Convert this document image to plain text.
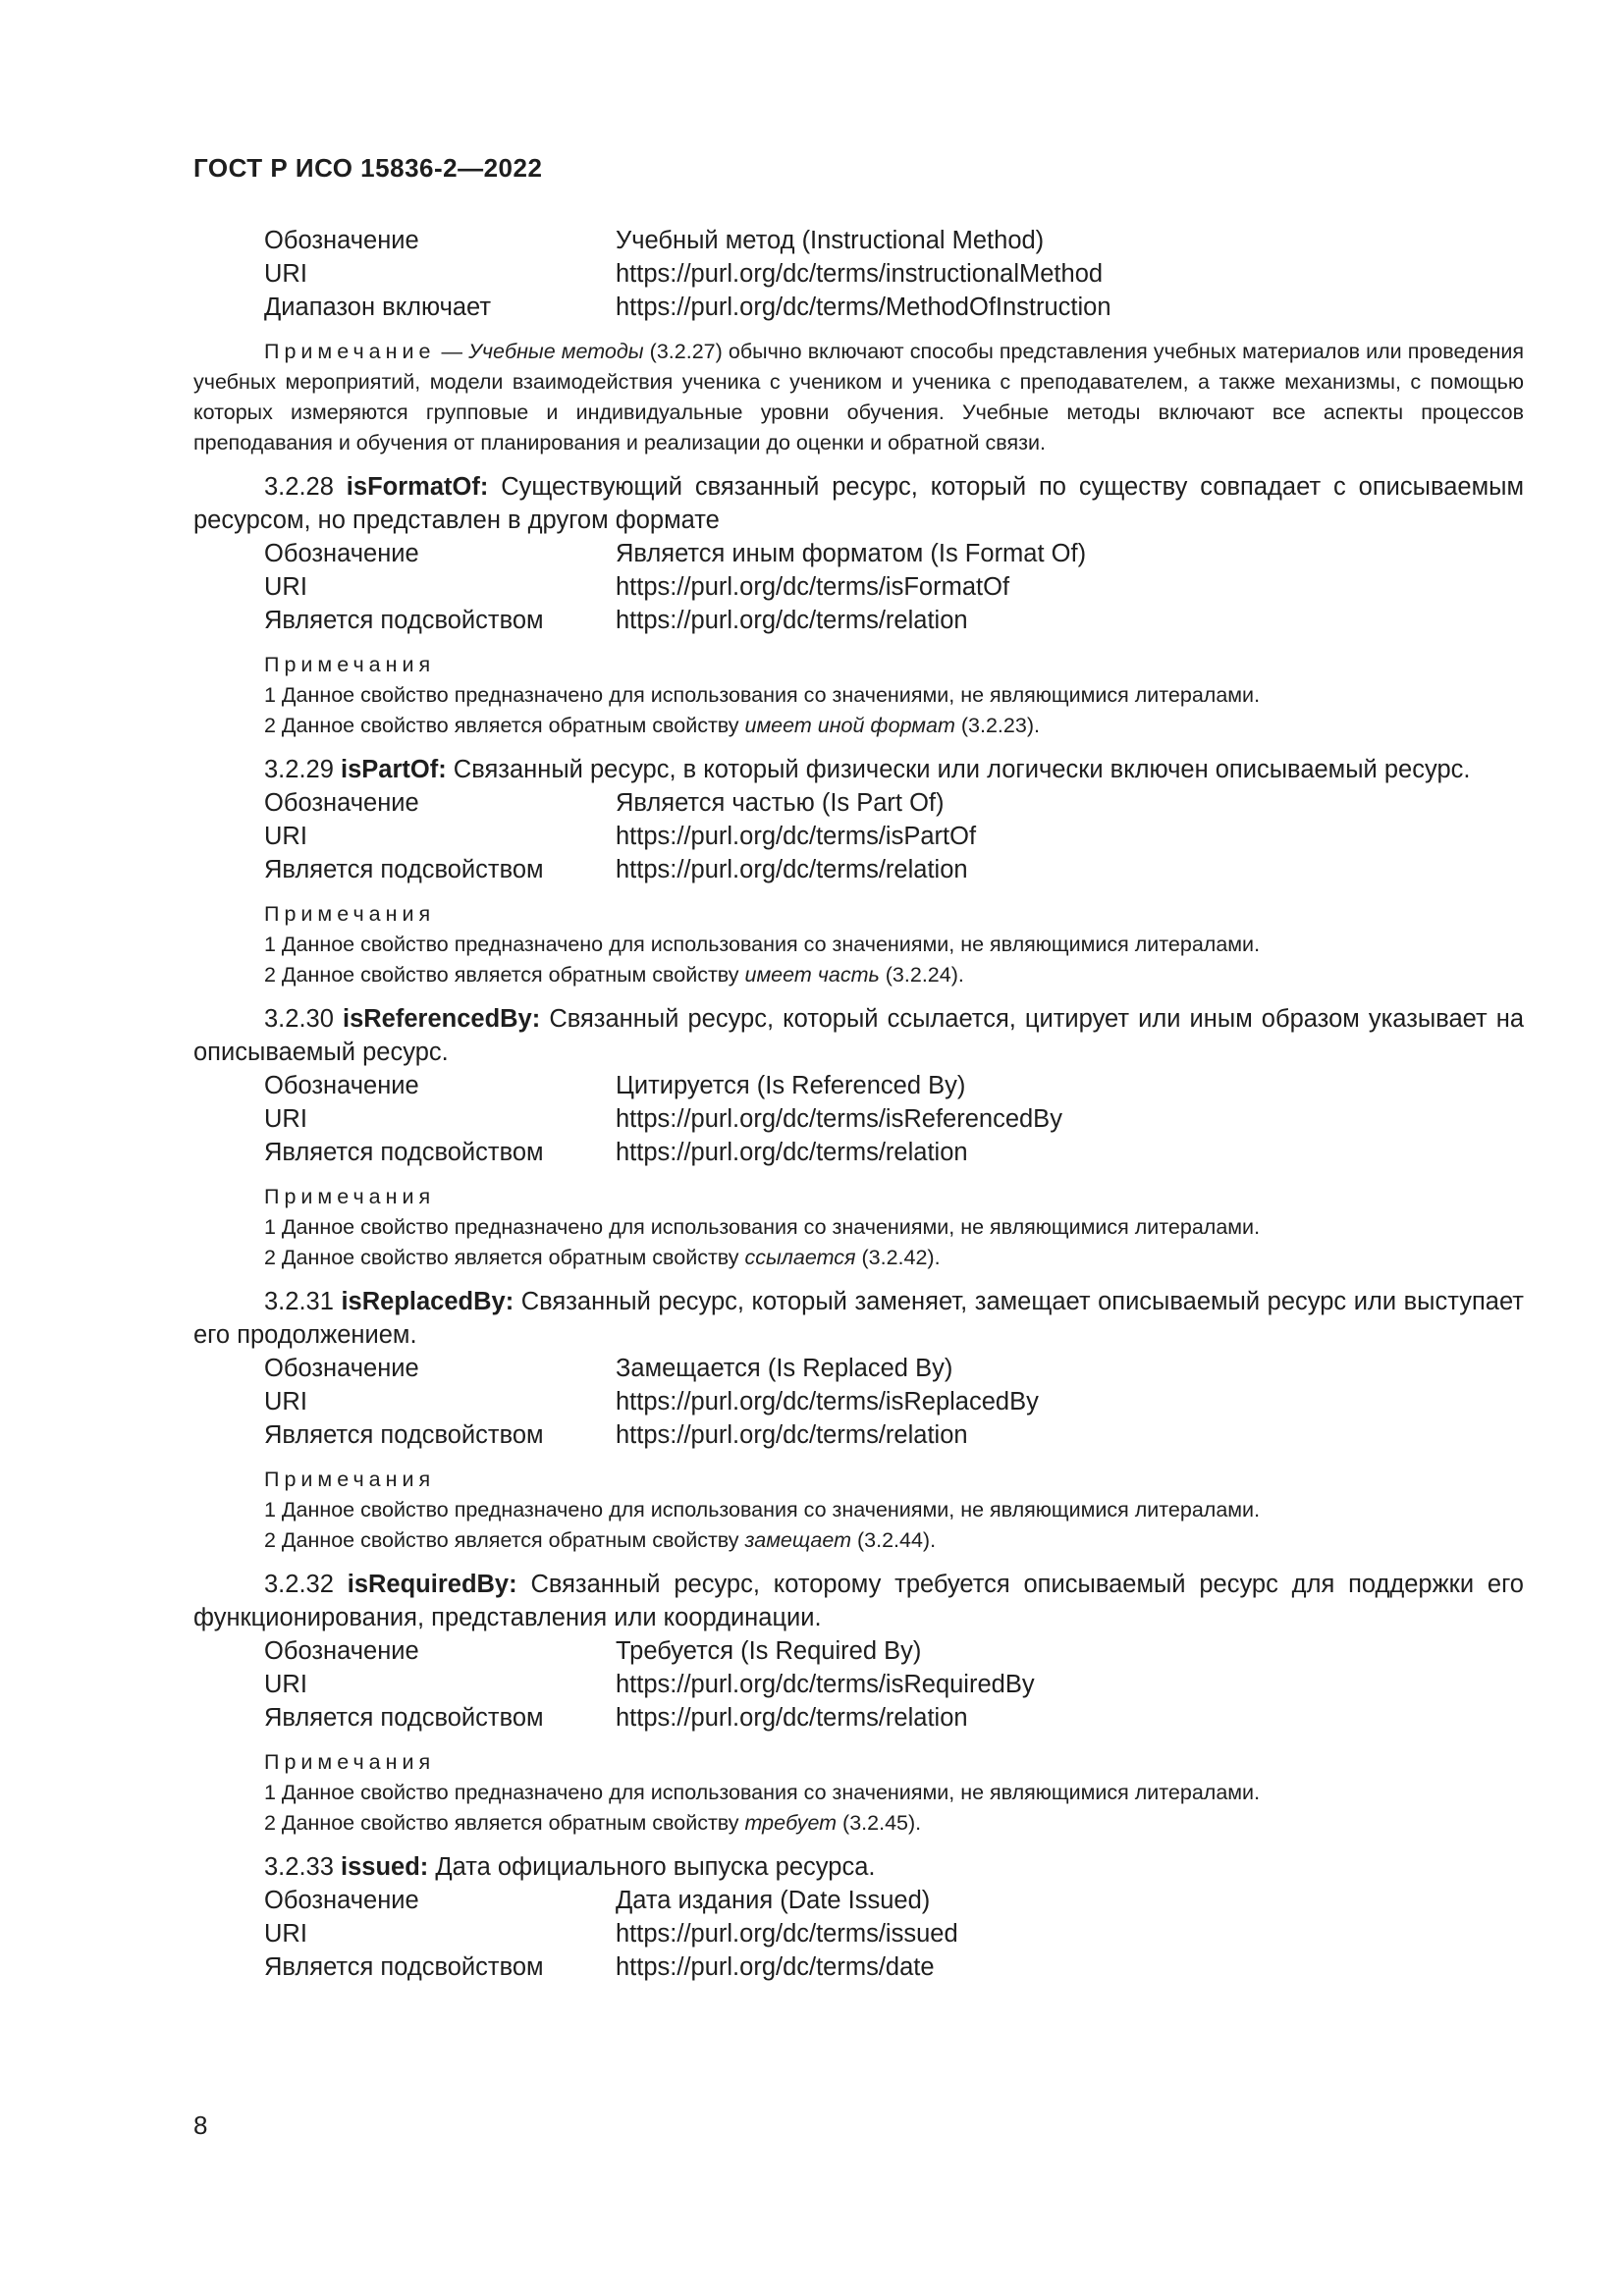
ГОСТ Р ИСО 15836-2—2022
Обозначение	Учебный метод (Instructional Method)
URI	https://purl.org/dc/terms/instructionalMethod
Диапазон включает	https://purl.org/dc/terms/MethodOfInstruction
Примечание — Учебные методы (3.2.27) обычно включают способы представления учебных материалов или проведения учебных мероприятий, модели взаимодействия ученика с учеником и ученика с преподавателем, а также механизмы, с помощью которых измеряются групповые и индивидуальные уровни обучения. Учебные методы включают все аспекты процессов преподавания и обучения от планирования и реализации до оценки и обратной связи.
3.2.28 isFormatOf: Существующий связанный ресурс, который по существу совпадает с описываемым ресурсом, но представлен в другом формате
Обозначение	Является иным форматом (Is Format Of)
URI	https://purl.org/dc/terms/isFormatOf
Является подсвойством	https://purl.org/dc/terms/relation
Примечания
1 Данное свойство предназначено для использования со значениями, не являющимися литералами.
2 Данное свойство является обратным свойству имеет иной формат (3.2.23).
3.2.29 isPartOf: Связанный ресурс, в который физически или логически включен описываемый ресурс.
Обозначение	Является частью (Is Part Of)
URI	https://purl.org/dc/terms/isPartOf
Является подсвойством	https://purl.org/dc/terms/relation
Примечания
1 Данное свойство предназначено для использования со значениями, не являющимися литералами.
2 Данное свойство является обратным свойству имеет часть (3.2.24).
3.2.30 isReferencedBy: Связанный ресурс, который ссылается, цитирует или иным образом указывает на описываемый ресурс.
Обозначение	Цитируется (Is Referenced By)
URI	https://purl.org/dc/terms/isReferencedBy
Является подсвойством	https://purl.org/dc/terms/relation
Примечания
1 Данное свойство предназначено для использования со значениями, не являющимися литералами.
2 Данное свойство является обратным свойству ссылается (3.2.42).
3.2.31 isReplacedBy: Связанный ресурс, который заменяет, замещает описываемый ресурс или выступает его продолжением.
Обозначение	Замещается (Is Replaced By)
URI	https://purl.org/dc/terms/isReplacedBy
Является подсвойством	https://purl.org/dc/terms/relation
Примечания
1 Данное свойство предназначено для использования со значениями, не являющимися литералами.
2 Данное свойство является обратным свойству замещает (3.2.44).
3.2.32 isRequiredBy: Связанный ресурс, которому требуется описываемый ресурс для поддержки его функционирования, представления или координации.
Обозначение	Требуется (Is Required By)
URI	https://purl.org/dc/terms/isRequiredBy
Является подсвойством	https://purl.org/dc/terms/relation
Примечания
1 Данное свойство предназначено для использования со значениями, не являющимися литералами.
2 Данное свойство является обратным свойству требует (3.2.45).
3.2.33 issued: Дата официального выпуска ресурса.
Обозначение	Дата издания (Date Issued)
URI	https://purl.org/dc/terms/issued
Является подсвойством	https://purl.org/dc/terms/date
8
